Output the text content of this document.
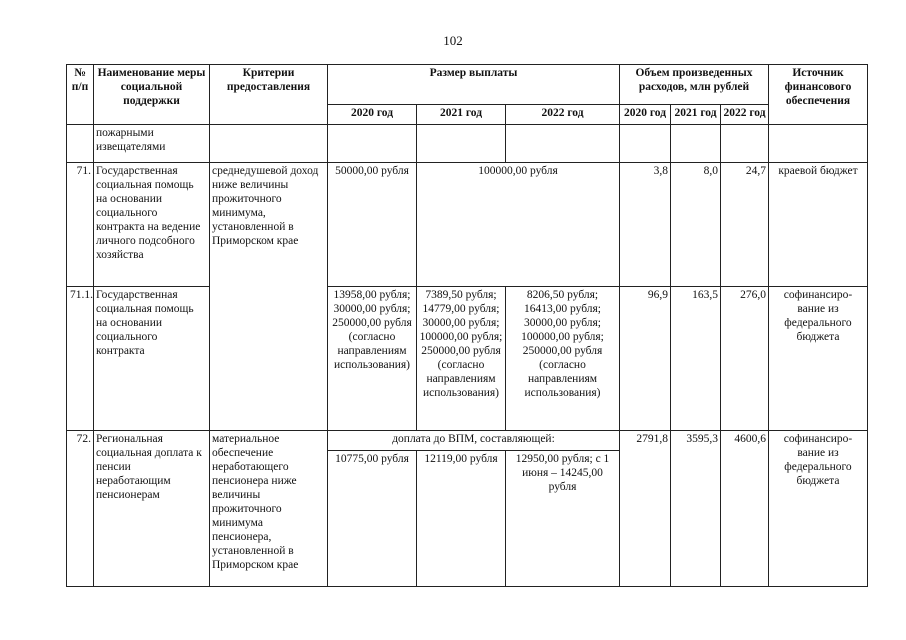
102
№ п/п	Наименование меры социальной поддержки	Критерии предоставления	Размер выплаты			Объем произведенных расходов, млн рублей			Источник финансового обеспечения
			2020 год	2021 год	2022 год	2020 год	2021 год	2022 год	
	пожарными извещателями								
71.	Государственная социальная помощь на основании социального контракта на ведение личного подсобного хозяйства	среднедушевой доход ниже величины прожиточного минимума, установленной в Приморском крае	50000,00 рубля	100000,00 рубля		3,8	8,0	24,7	краевой бюджет
71.1.	Государственная социальная помощь на основании социального контракта		13958,00 рубля; 30000,00 рубля; 250000,00 рубля (согласно направлениям использования)	7389,50 рубля; 14779,00 рубля; 30000,00 рубля; 100000,00 рубля; 250000,00 рубля (согласно направлениям использования)	8206,50 рубля; 16413,00 рубля; 30000,00 рубля; 100000,00 рубля; 250000,00 рубля (согласно направлениям использования)	96,9	163,5	276,0	софинансиро-вание из федерального бюджета
72.	Региональная социальная доплата к пенсии неработающим пенсионерам	материальное обеспечение неработающего пенсионера ниже величины прожиточного минимума пенсионера, установленной в Приморском крае	доплата до ВПМ, составляющей:			2791,8	3595,3	4600,6	софинансиро-вание из федерального бюджета
			10775,00 рубля	12119,00 рубля	12950,00 рубля; с 1 июня – 14245,00 рубля				
